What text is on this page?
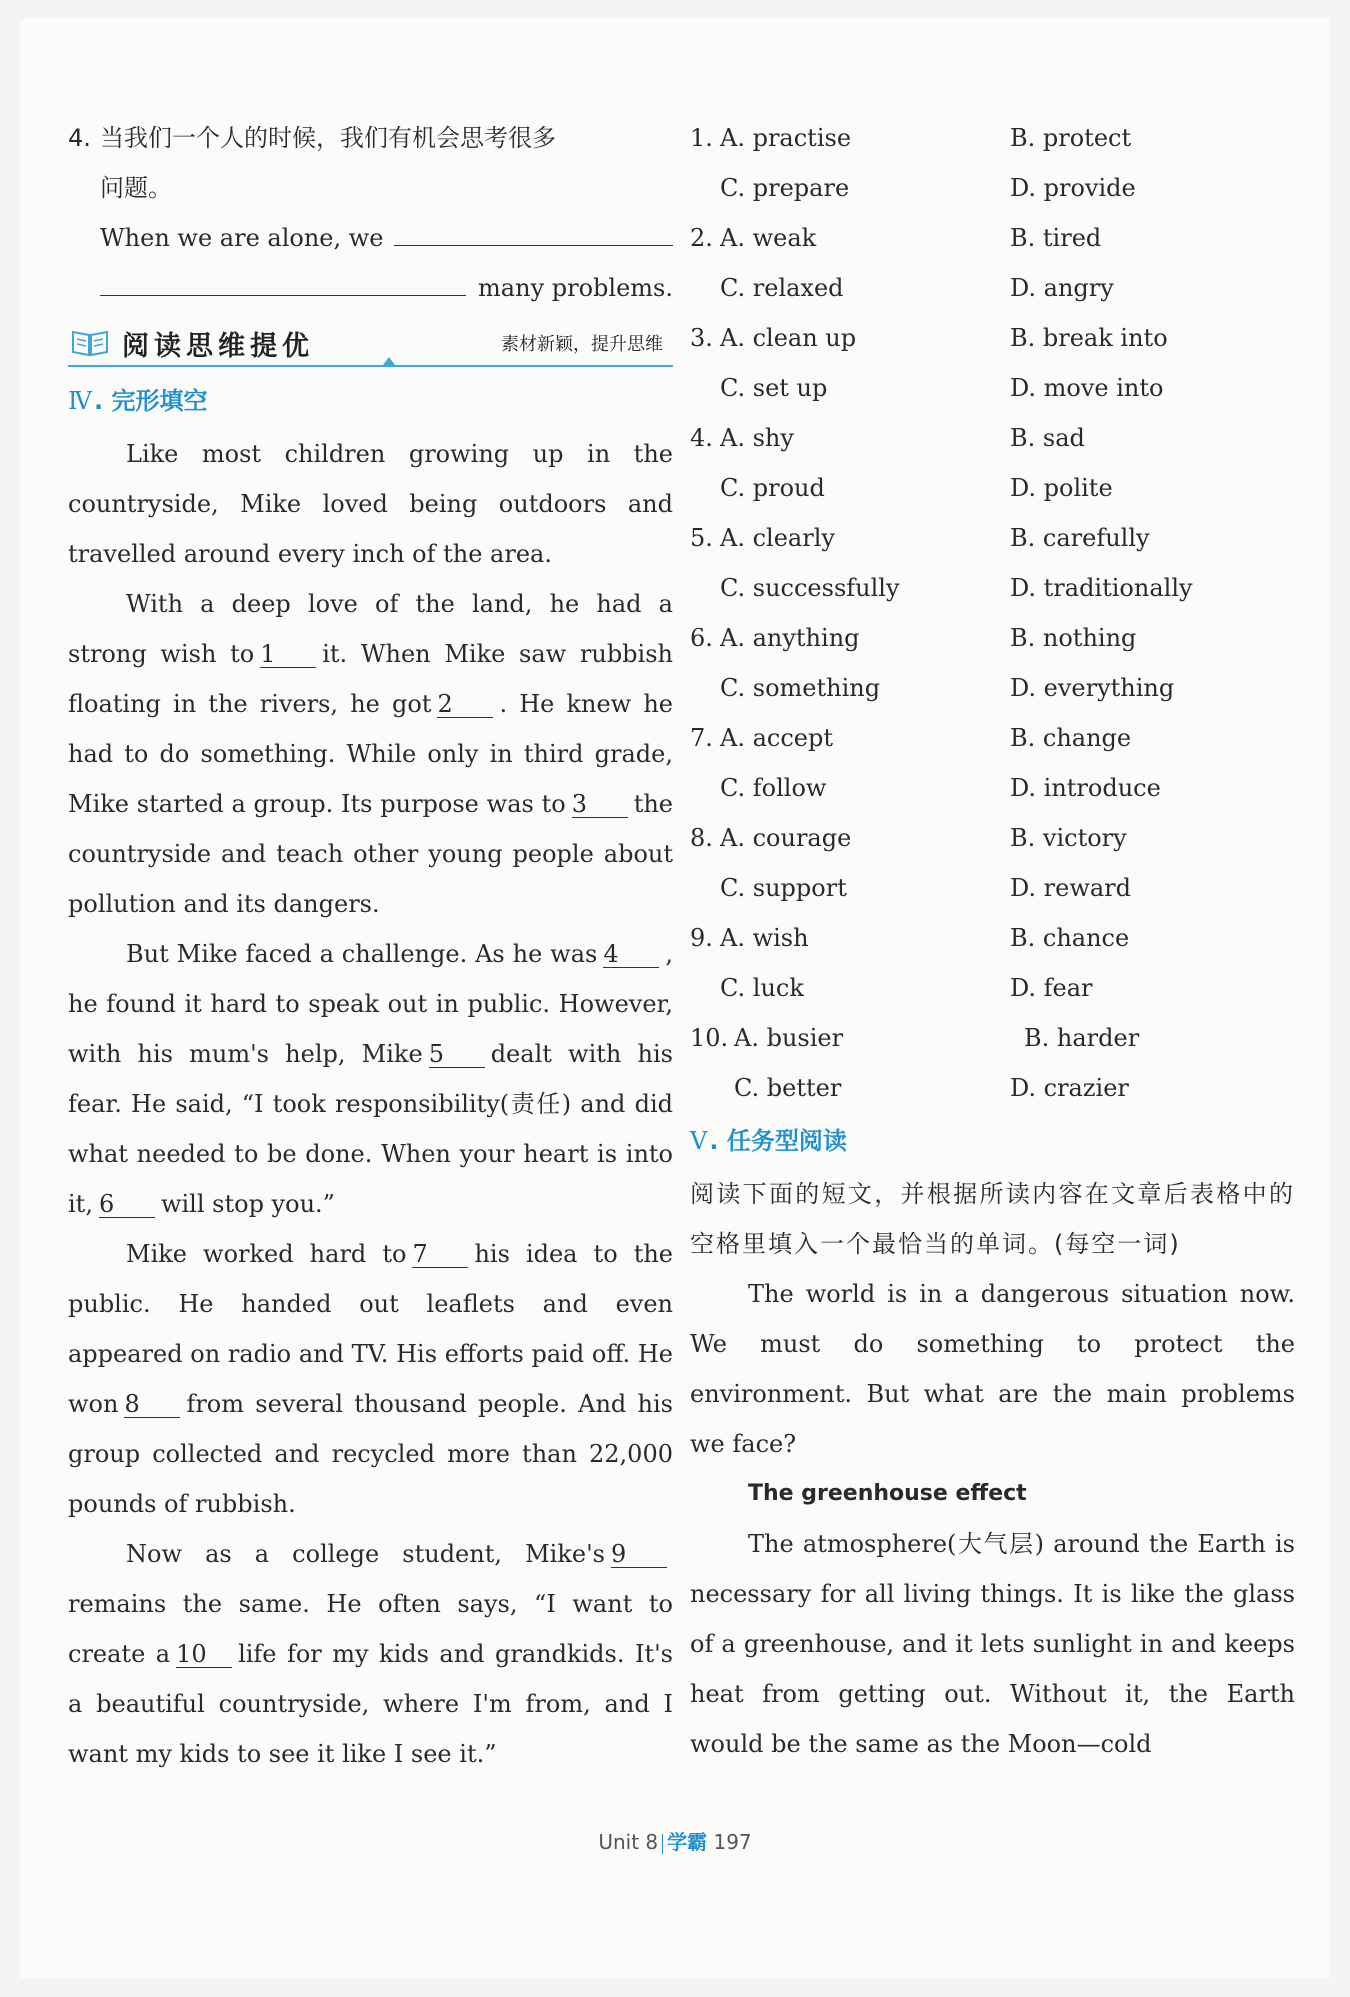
4. 当我们一个人的时候，我们有机会思考很多
问题。
When we are alone, we
many problems.
阅读思维提优	素材新颖，提升思维
Ⅳ. 完形填空

Like most children growing up in the countryside, Mike loved being outdoors and travelled around every inch of the area.

With a deep love of the land, he had a strong wish to 1 it. When Mike saw rubbish floating in the rivers, he got 2 . He knew he had to do something. While only in third grade, Mike started a group. Its purpose was to 3 the countryside and teach other young people about pollution and its dangers.

But Mike faced a challenge. As he was 4 , he found it hard to speak out in public. However, with his mum's help, Mike 5 dealt with his fear. He said, “I took responsibility(责任) and did what needed to be done. When your heart is into it, 6 will stop you.”

Mike worked hard to 7 his idea to the public. He handed out leaflets and even appeared on radio and TV. His efforts paid off. He won 8 from several thousand people. And his group collected and recycled more than 22,000 pounds of rubbish.

Now as a college student, Mike's 9remains the same. He often says, “I want to create a 10 life for my kids and grandkids. It's a beautiful countryside, where I'm from, and I want my kids to see it like I see it.”

1. A. practise	B. protect
C. prepare	D. provide
2. A. weak	B. tired
C. relaxed	D. angry
3. A. clean up	B. break into
C. set up	D. move into
4. A. shy	B. sad
C. proud	D. polite
5. A. clearly	B. carefully
C. successfully	D. traditionally
6. A. anything	B. nothing
C. something	D. everything
7. A. accept	B. change
C. follow	D. introduce
8. A. courage	B. victory
C. support	D. reward
9. A. wish	B. chance
C. luck	D. fear
10. A. busier	B. harder
C. better	D. crazier
Ⅴ. 任务型阅读

阅读下面的短文，并根据所读内容在文章后表格中的空格里填入一个最恰当的单词。(每空一词)

The world is in a dangerous situation now. We must do something to protect the environment. But what are the main problems we face?

The greenhouse effect

The atmosphere(大气层) around the Earth is necessary for all living things. It is like the glass of a greenhouse, and it lets sunlight in and keeps heat from getting out. Without it, the Earth would be the same as the Moon—cold

Unit 8 学霸 197
